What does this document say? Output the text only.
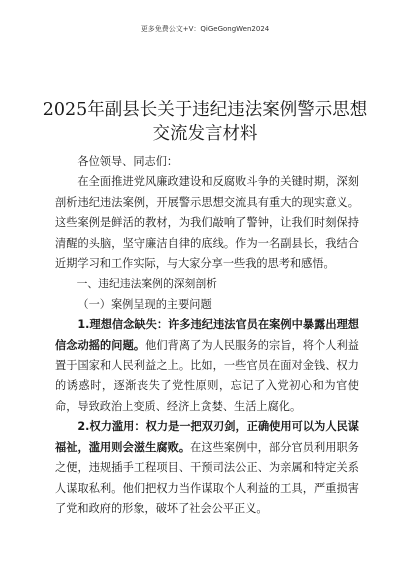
更多免费公文+V：QiGeGongWen2024
2025年副县长关于违纪违法案例警示思想交流发言材料

各位领导、同志们：

在全面推进党风廉政建设和反腐败斗争的关键时期，深刻剖析违纪违法案例，开展警示思想交流具有重大的现实意义。这些案例是鲜活的教材，为我们敲响了警钟，让我们时刻保持清醒的头脑，坚守廉洁自律的底线。作为一名副县长，我结合近期学习和工作实际，与大家分享一些我的思考和感悟。

一、违纪违法案例的深刻剖析

（一）案例呈现的主要问题

1.理想信念缺失：许多违纪违法官员在案例中暴露出理想信念动摇的问题。他们背离了为人民服务的宗旨，将个人利益置于国家和人民利益之上。比如，一些官员在面对金钱、权力的诱惑时，逐渐丧失了党性原则，忘记了入党初心和为官使命，导致政治上变质、经济上贪婪、生活上腐化。

2.权力滥用：权力是一把双刃剑，正确使用可以为人民谋福祉，滥用则会滋生腐败。在这些案例中，部分官员利用职务之便，违规插手工程项目、干预司法公正、为亲属和特定关系人谋取私利。他们把权力当作谋取个人利益的工具，严重损害了党和政府的形象，破坏了社会公平正义。
